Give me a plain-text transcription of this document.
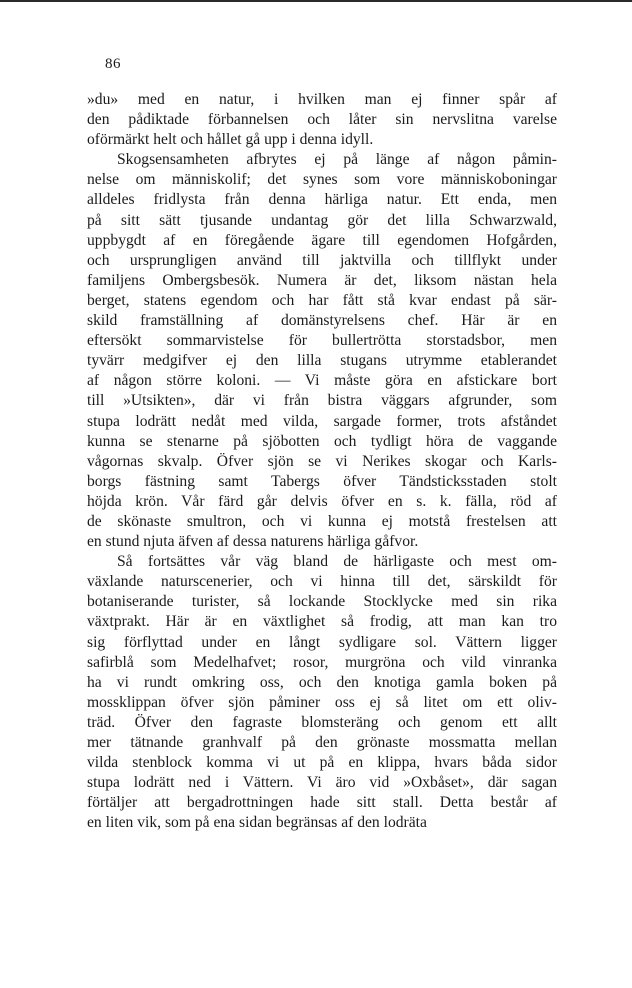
86
»du» med en natur, i hvilken man ej finner spår af
den pådiktade förbannelsen och låter sin nervslitna varelse
oförmärkt helt och hållet gå upp i denna idyll.
Skogsensamheten afbrytes ej på länge af någon påmin-
nelse om människolif; det synes som vore människoboningar
alldeles fridlysta från denna härliga natur. Ett enda, men
på sitt sätt tjusande undantag gör det lilla Schwarzwald,
uppbygdt af en föregående ägare till egendomen Hofgården,
och ursprungligen använd till jaktvilla och tillflykt under
familjens Ombergsbesök. Numera är det, liksom nästan hela
berget, statens egendom och har fått stå kvar endast på sär-
skild framställning af domänstyrelsens chef. Här är en
eftersökt sommarvistelse för bullertrötta storstadsbor, men
tyvärr medgifver ej den lilla stugans utrymme etablerandet
af någon större koloni. — Vi måste göra en afstickare bort
till »Utsikten», där vi från bistra väggars afgrunder, som
stupa lodrätt nedåt med vilda, sargade former, trots afståndet
kunna se stenarne på sjöbotten och tydligt höra de vaggande
vågornas skvalp. Öfver sjön se vi Nerikes skogar och Karls-
borgs fästning samt Tabergs öfver Tändsticksstaden stolt
höjda krön. Vår färd går delvis öfver en s. k. fälla, röd af
de skönaste smultron, och vi kunna ej motstå frestelsen att
en stund njuta äfven af dessa naturens härliga gåfvor.
Så fortsättes vår väg bland de härligaste och mest om-
växlande naturscenerier, och vi hinna till det, särskildt för
botaniserande turister, så lockande Stocklycke med sin rika
växtprakt. Här är en växtlighet så frodig, att man kan tro
sig förflyttad under en långt sydligare sol. Vättern ligger
safirblå som Medelhafvet; rosor, murgröna och vild vinranka
ha vi rundt omkring oss, och den knotiga gamla boken på
mossklippan öfver sjön påminer oss ej så litet om ett oliv-
träd. Öfver den fagraste blomsteräng och genom ett allt
mer tätnande granhvalf på den grönaste mossmatta mellan
vilda stenblock komma vi ut på en klippa, hvars båda sidor
stupa lodrätt ned i Vättern. Vi äro vid »Oxbåset», där sagan
förtäljer att bergadrottningen hade sitt stall. Detta består af
en liten vik, som på ena sidan begränsas af den lodräta
